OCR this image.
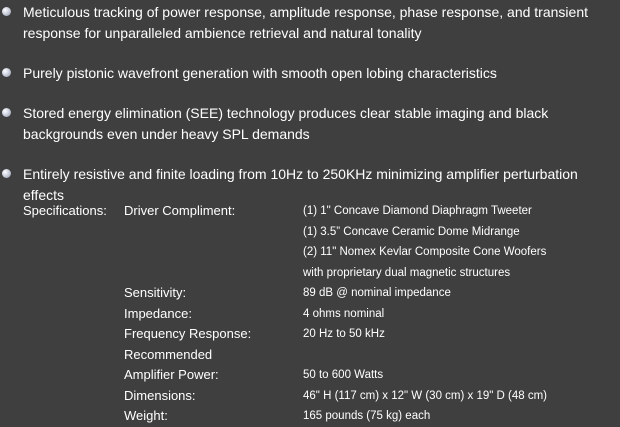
Meticulous tracking of power response, amplitude response, phase response, and transient response for unparalleled ambience retrieval and natural tonality
Purely pistonic wavefront generation with smooth open lobing characteristics
Stored energy elimination (SEE) technology produces clear stable imaging and black backgrounds even under heavy SPL demands
Entirely resistive and finite loading from 10Hz to 250KHz minimizing amplifier perturbation effects
Specifications: Driver Compliment:
Sensitivity:
Impedance:
Frequency Response:
Recommended
Amplifier Power:
Dimensions:
Weight:
(1) 1" Concave Diamond Diaphragm Tweeter
(1) 3.5” Concave Ceramic Dome Midrange
(2) 11" Nomex Kevlar Composite Cone Woofers
with proprietary dual magnetic structures
89 dB @ nominal impedance
4 ohms nominal
20 Hz to 50 kHz
50 to 600 Watts
46" H (117 cm) x 12" W (30 cm) x 19" D (48 cm)
165 pounds (75 kg) each
